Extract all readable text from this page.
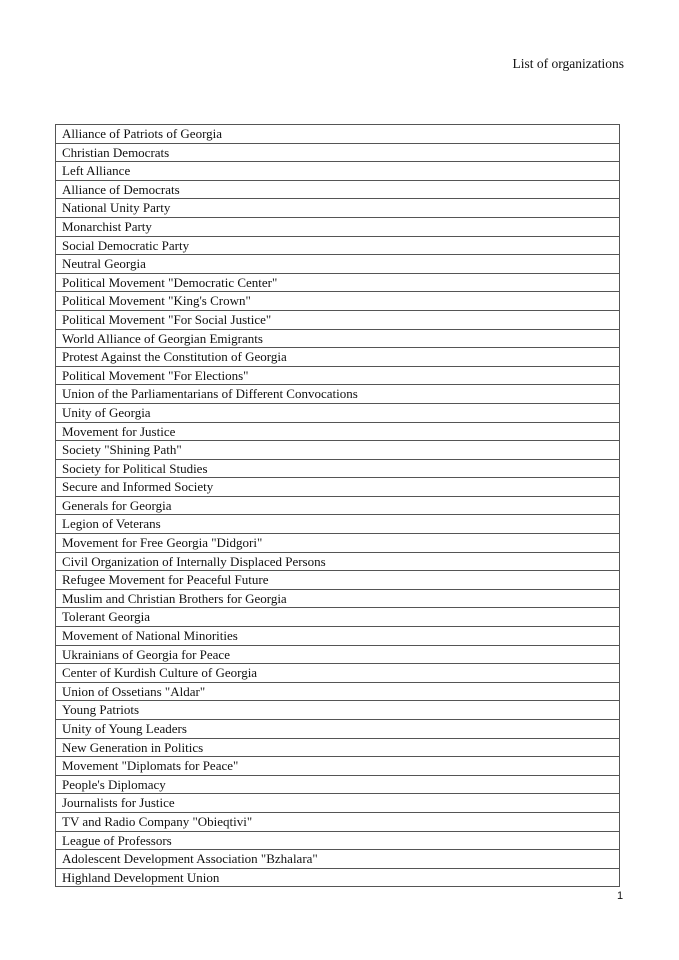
List of organizations
Alliance of Patriots of Georgia
Christian Democrats
Left Alliance
Alliance of Democrats
National Unity Party
Monarchist Party
Social Democratic Party
Neutral Georgia
Political Movement "Democratic Center"
Political Movement "King's Crown"
Political Movement "For Social Justice"
World Alliance of Georgian Emigrants
Protest Against the Constitution of Georgia
Political Movement "For Elections"
Union of the Parliamentarians of Different Convocations
Unity of Georgia
Movement for Justice
Society "Shining Path"
Society for Political Studies
Secure and Informed Society
Generals for Georgia
Legion of Veterans
Movement for Free Georgia "Didgori"
Civil Organization of Internally Displaced Persons
Refugee Movement for Peaceful Future
Muslim and Christian Brothers for Georgia
Tolerant Georgia
Movement of National Minorities
Ukrainians of Georgia for Peace
Center of Kurdish Culture of Georgia
Union of Ossetians "Aldar"
Young Patriots
Unity of Young Leaders
New Generation in Politics
Movement "Diplomats for Peace"
People's Diplomacy
Journalists for Justice
TV and Radio Company "Obieqtivi"
League of Professors
Adolescent Development Association "Bzhalara"
Highland Development Union
1
